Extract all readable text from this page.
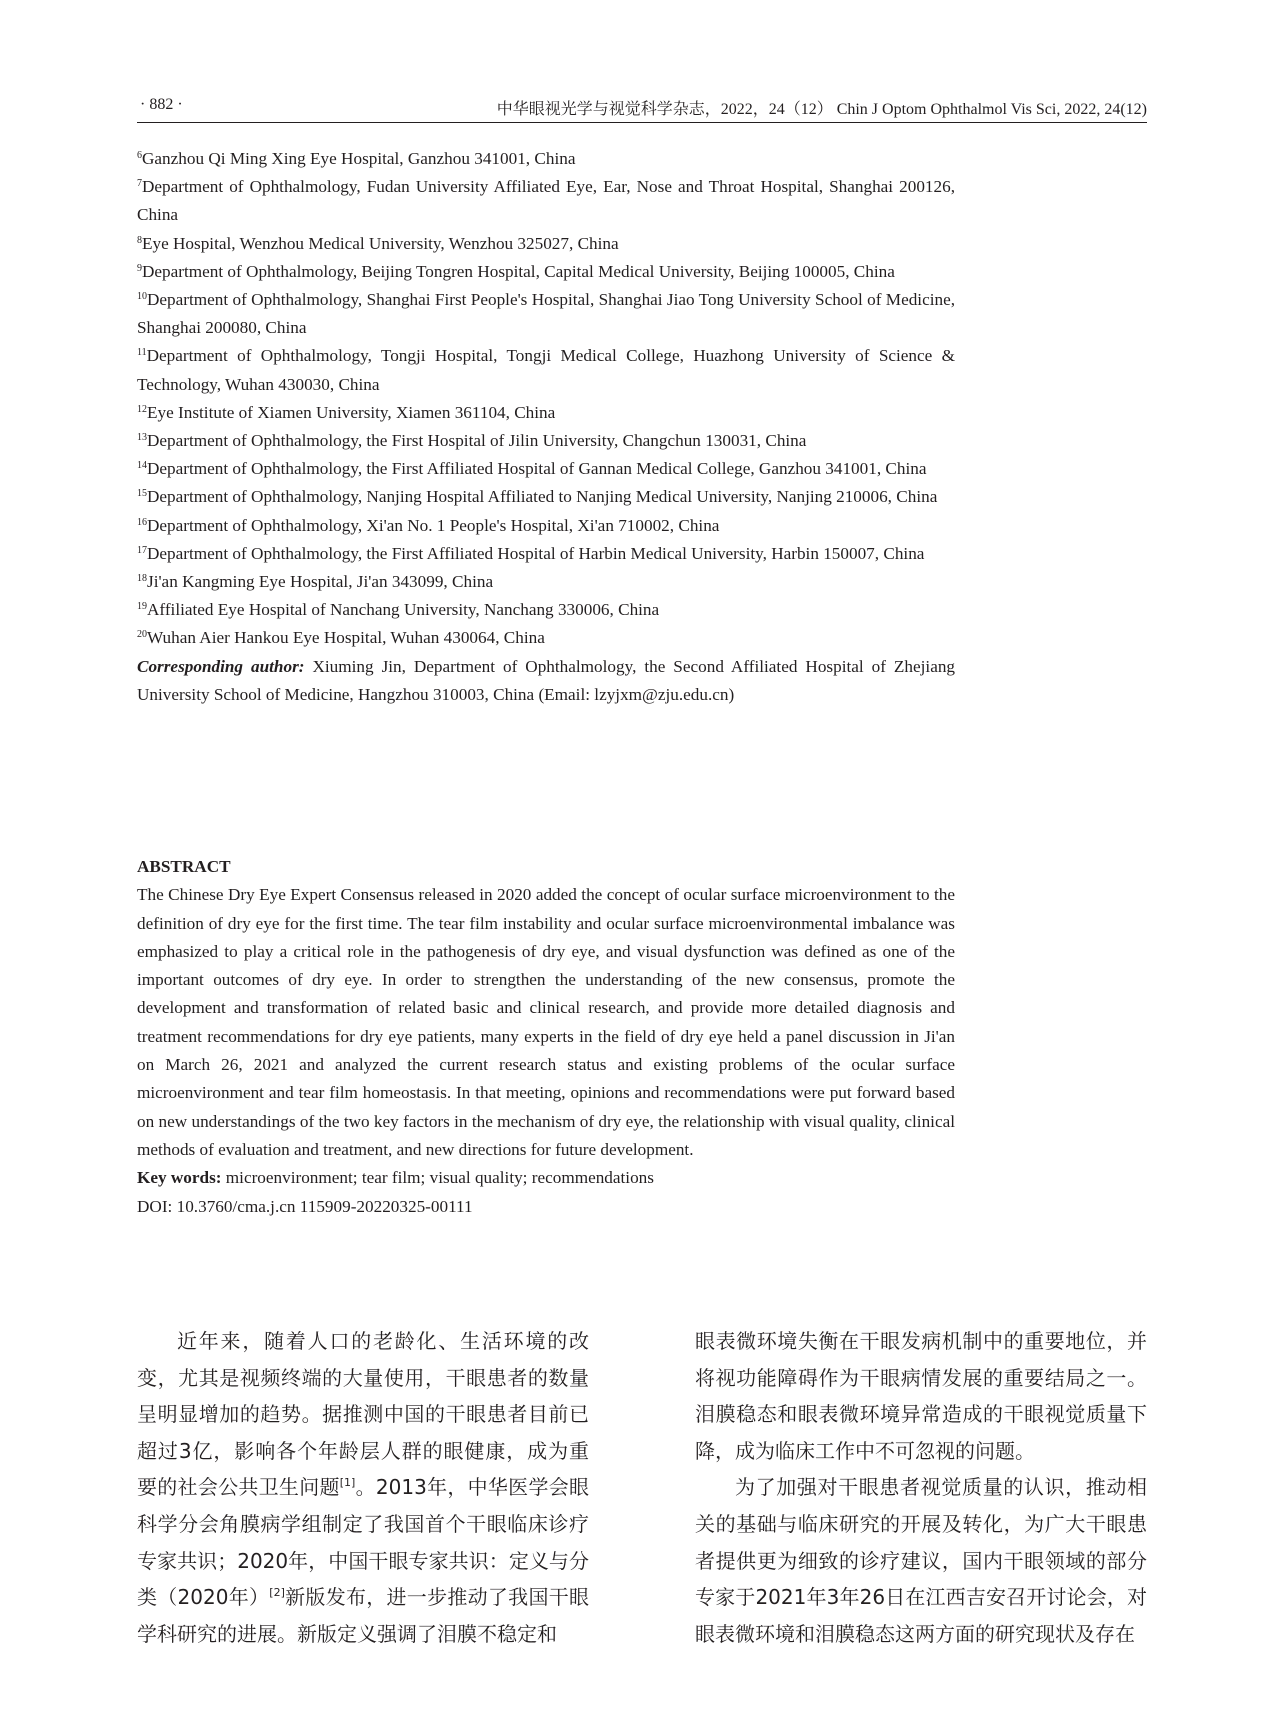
· 882 ·	中华眼视光学与视觉科学杂志，2022，24（12） Chin J Optom Ophthalmol Vis Sci, 2022, 24(12)

$^6$Ganzhou Qi Ming Xing Eye Hospital, Ganzhou 341001, China

$^7$Department of Ophthalmology, Fudan University Affiliated Eye, Ear, Nose and Throat Hospital, Shanghai 200126, China

$^8$Eye Hospital, Wenzhou Medical University, Wenzhou 325027, China

$^9$Department of Ophthalmology, Beijing Tongren Hospital, Capital Medical University, Beijing 100005, China

$^{10}$Department of Ophthalmology, Shanghai First People's Hospital, Shanghai Jiao Tong University School of Medicine, Shanghai 200080, China

$^{11}$Department of Ophthalmology, Tongji Hospital, Tongji Medical College, Huazhong University of Science & Technology, Wuhan 430030, China

$^{12}$Eye Institute of Xiamen University, Xiamen 361104, China

$^{13}$Department of Ophthalmology, the First Hospital of Jilin University, Changchun 130031, China

$^{14}$Department of Ophthalmology, the First Affiliated Hospital of Gannan Medical College, Ganzhou 341001, China

$^{15}$Department of Ophthalmology, Nanjing Hospital Affiliated to Nanjing Medical University, Nanjing 210006, China

$^{16}$Department of Ophthalmology, Xi'an No. 1 People's Hospital, Xi'an 710002, China

$^{17}$Department of Ophthalmology, the First Affiliated Hospital of Harbin Medical University, Harbin 150007, China

$^{18}$Ji'an Kangming Eye Hospital, Ji'an 343099, China

$^{19}$Affiliated Eye Hospital of Nanchang University, Nanchang 330006, China

$^{20}$Wuhan Aier Hankou Eye Hospital, Wuhan 430064, China

Corresponding author: Xiuming Jin, Department of Ophthalmology, the Second Affiliated Hospital of Zhejiang University School of Medicine, Hangzhou 310003, China (Email: lzyjxm@zju.edu.cn)

ABSTRACT

The Chinese Dry Eye Expert Consensus released in 2020 added the concept of ocular surface microenvironment to the definition of dry eye for the first time. The tear film instability and ocular surface microenvironmental imbalance was emphasized to play a critical role in the pathogenesis of dry eye, and visual dysfunction was defined as one of the important outcomes of dry eye. In order to strengthen the understanding of the new consensus, promote the development and transformation of related basic and clinical research, and provide more detailed diagnosis and treatment recommendations for dry eye patients, many experts in the field of dry eye held a panel discussion in Ji'an on March 26, 2021 and analyzed the current research status and existing problems of the ocular surface microenvironment and tear film homeostasis. In that meeting, opinions and recommendations were put forward based on new understandings of the two key factors in the mechanism of dry eye, the relationship with visual quality, clinical methods of evaluation and treatment, and new directions for future development.

Key words: microenvironment; tear film; visual quality; recommendations

DOI: 10.3760/cma.j.cn 115909-20220325-00111

近年来，随着人口的老龄化、生活环境的改变，尤其是视频终端的大量使用，干眼患者的数量呈明显增加的趋势。据推测中国的干眼患者目前已超过3亿，影响各个年龄层人群的眼健康，成为重要的社会公共卫生问题[1]。2013年，中华医学会眼科学分会角膜病学组制定了我国首个干眼临床诊疗专家共识；2020年，中国干眼专家共识：定义与分类（2020年）[2]新版发布，进一步推动了我国干眼学科研究的进展。新版定义强调了泪膜不稳定和

眼表微环境失衡在干眼发病机制中的重要地位，并将视功能障碍作为干眼病情发展的重要结局之一。泪膜稳态和眼表微环境异常造成的干眼视觉质量下降，成为临床工作中不可忽视的问题。

为了加强对干眼患者视觉质量的认识，推动相关的基础与临床研究的开展及转化，为广大干眼患者提供更为细致的诊疗建议，国内干眼领域的部分专家于2021年3年26日在江西吉安召开讨论会，对眼表微环境和泪膜稳态这两方面的研究现状及存在
